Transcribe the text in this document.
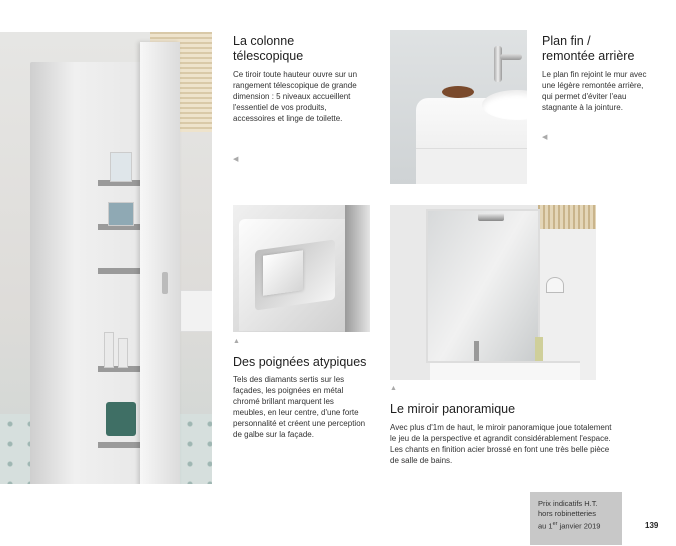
La colonne
télescopique

Ce tiroir toute hauteur ouvre sur un rangement télescopique de grande dimension : 5 niveaux accueillent l'essentiel de vos produits, accessoires et linge de toilette.

◀
Plan fin /
remontée arrière

Le plan fin rejoint le mur avec une légère remontée arrière, qui permet d'éviter l'eau stagnante à la jointure.

◀
▲
Des poignées atypiques

Tels des diamants sertis sur les façades, les poignées en métal chromé brillant marquent les meubles, en leur centre, d'une forte personnalité et créent une perception de galbe sur la façade.

▲
Le miroir panoramique

Avec plus d'1m de haut, le miroir panoramique joue totalement le jeu de la perspective et agrandit considérablement l'espace. Les chants en finition acier brossé en font une très belle pièce de salle de bains.

Prix indicatifs H.T.
hors robinetteries
au 1er janvier 2019	139
